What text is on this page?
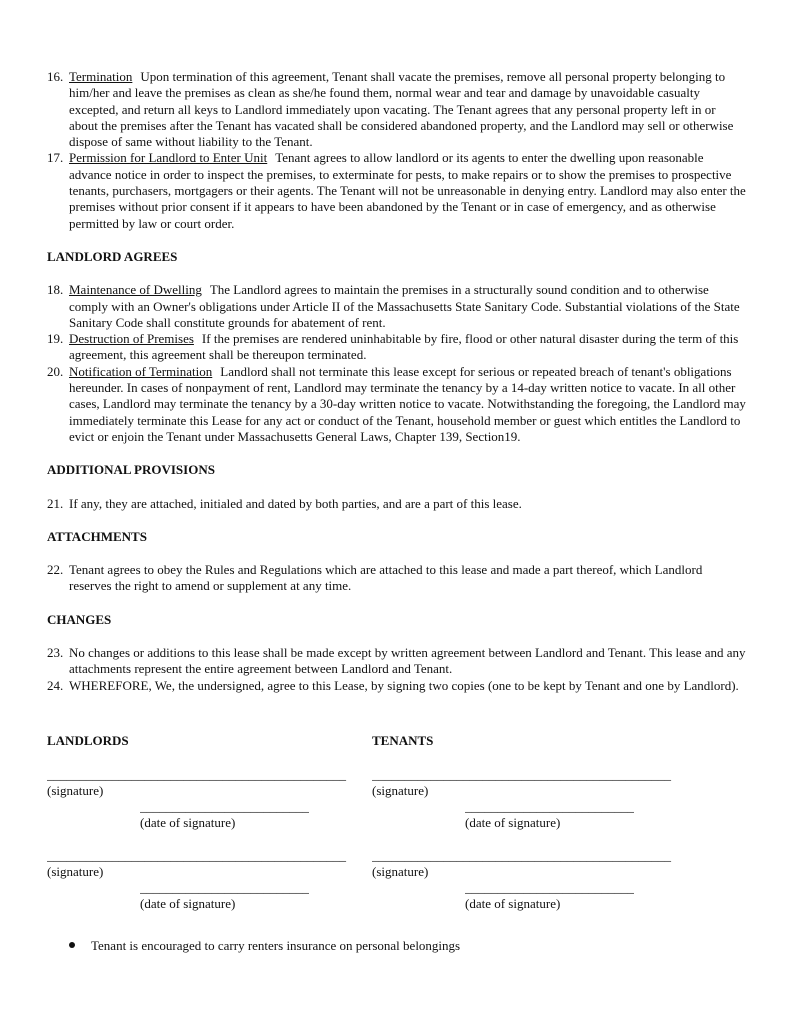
16. Termination Upon termination of this agreement, Tenant shall vacate the premises, remove all personal property belonging to him/her and leave the premises as clean as she/he found them, normal wear and tear and damage by unavoidable casualty excepted, and return all keys to Landlord immediately upon vacating. The Tenant agrees that any personal property left in or about the premises after the Tenant has vacated shall be considered abandoned property, and the Landlord may sell or otherwise dispose of same without liability to the Tenant.

17. Permission for Landlord to Enter Unit Tenant agrees to allow landlord or its agents to enter the dwelling upon reasonable advance notice in order to inspect the premises, to exterminate for pests, to make repairs or to show the premises to prospective tenants, purchasers, mortgagers or their agents. The Tenant will not be unreasonable in denying entry. Landlord may also enter the premises without prior consent if it appears to have been abandoned by the Tenant or in case of emergency, and as otherwise permitted by law or court order.

LANDLORD AGREES

18. Maintenance of Dwelling The Landlord agrees to maintain the premises in a structurally sound condition and to otherwise comply with an Owner's obligations under Article II of the Massachusetts State Sanitary Code. Substantial violations of the State Sanitary Code shall constitute grounds for abatement of rent.

19. Destruction of Premises If the premises are rendered uninhabitable by fire, flood or other natural disaster during the term of this agreement, this agreement shall be thereupon terminated.

20. Notification of Termination Landlord shall not terminate this lease except for serious or repeated breach of tenant's obligations hereunder. In cases of nonpayment of rent, Landlord may terminate the tenancy by a 14-day written notice to vacate. In all other cases, Landlord may terminate the tenancy by a 30-day written notice to vacate. Notwithstanding the foregoing, the Landlord may immediately terminate this Lease for any act or conduct of the Tenant, household member or guest which entitles the Landlord to evict or enjoin the Tenant under Massachusetts General Laws, Chapter 139, Section19.

ADDITIONAL PROVISIONS

21. If any, they are attached, initialed and dated by both parties, and are a part of this lease.

ATTACHMENTS

22. Tenant agrees to obey the Rules and Regulations which are attached to this lease and made a part thereof, which Landlord reserves the right to amend or supplement at any time.

CHANGES

23. No changes or additions to this lease shall be made except by written agreement between Landlord and Tenant. This lease and any attachments represent the entire agreement between Landlord and Tenant.

24. WHEREFORE, We, the undersigned, agree to this Lease, by signing two copies (one to be kept by Tenant and one by Landlord).

LANDLORDS	TENANTS
______________________________________________
(signature)
______________________________________________
(signature)
__________________________
(date of signature)
__________________________
(date of signature)
______________________________________________
(signature)
______________________________________________
(signature)
__________________________
(date of signature)
__________________________
(date of signature)
Tenant is encouraged to carry renters insurance on personal belongings
